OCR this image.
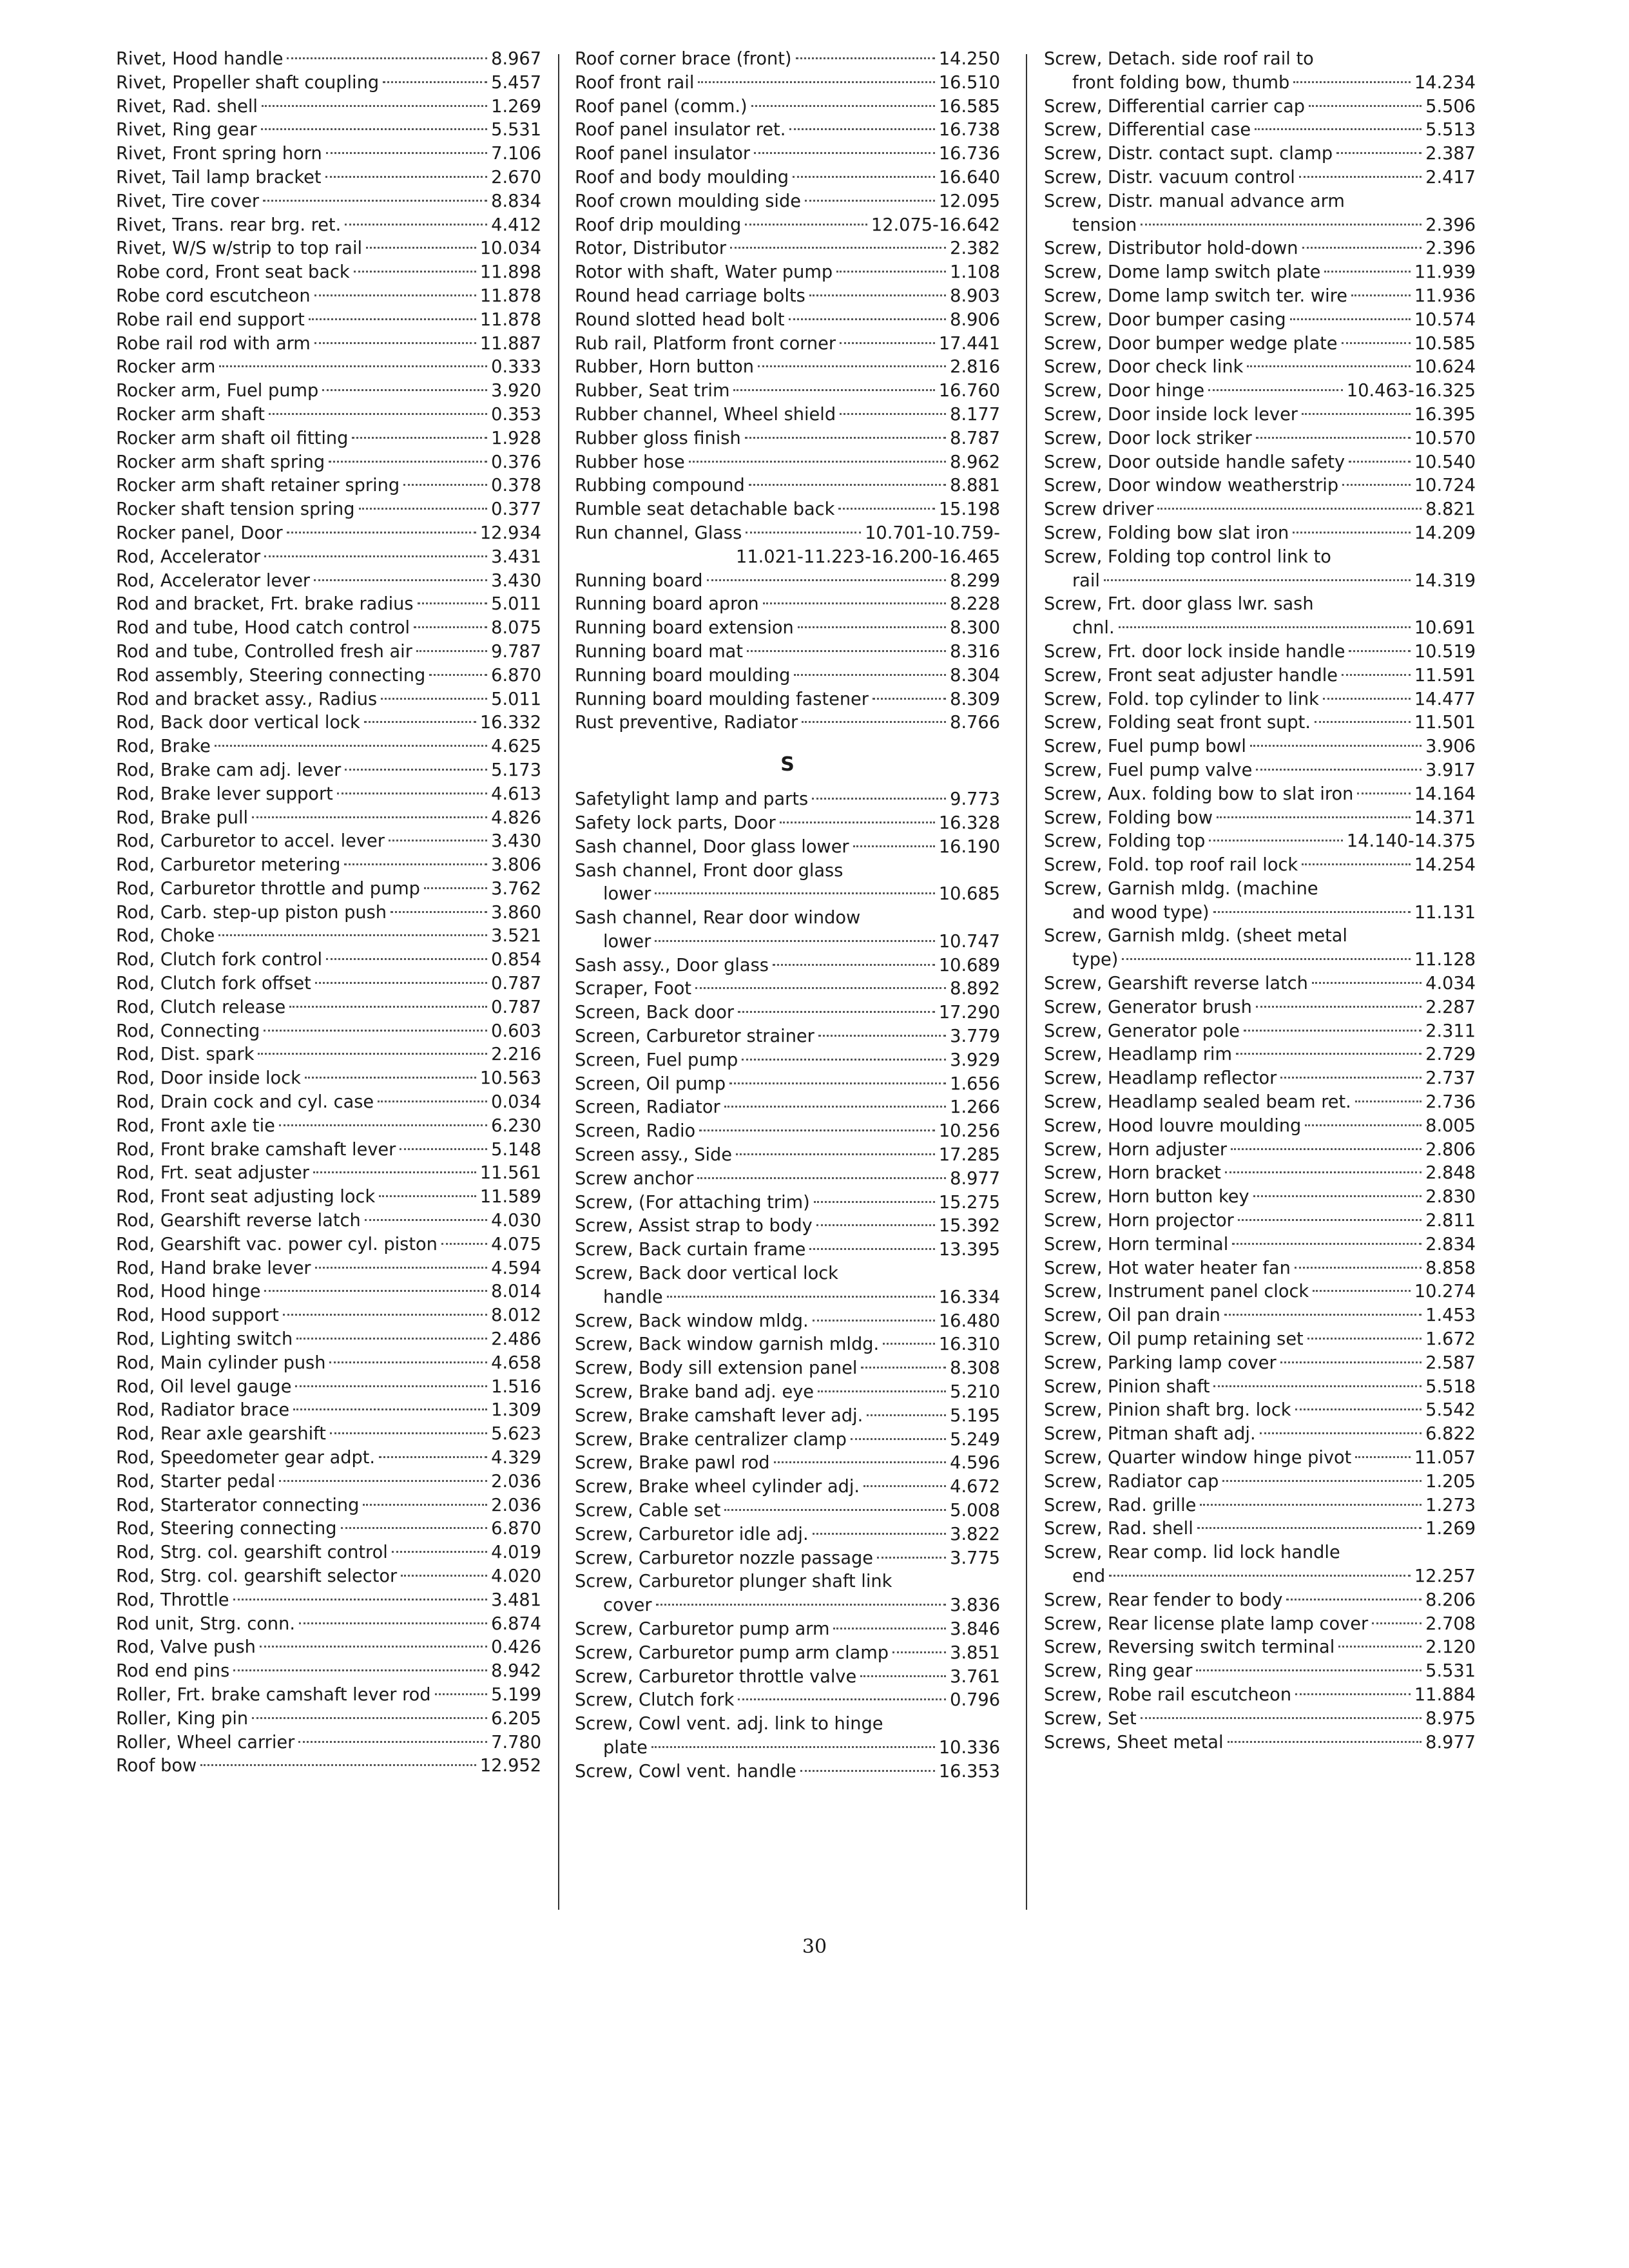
Rivet, Hood handle	8.967
Rivet, Propeller shaft coupling	5.457
Rivet, Rad. shell	1.269
Rivet, Ring gear	5.531
Rivet, Front spring horn	7.106
Rivet, Tail lamp bracket	2.670
Rivet, Tire cover	8.834
Rivet, Trans. rear brg. ret.	4.412
Rivet, W/S w/strip to top rail	10.034
Robe cord, Front seat back	11.898
Robe cord escutcheon	11.878
Robe rail end support	11.878
Robe rail rod with arm	11.887
Rocker arm	0.333
Rocker arm, Fuel pump	3.920
Rocker arm shaft	0.353
Rocker arm shaft oil fitting	1.928
Rocker arm shaft spring	0.376
Rocker arm shaft retainer spring	0.378
Rocker shaft tension spring	0.377
Rocker panel, Door	12.934
Rod, Accelerator	3.431
Rod, Accelerator lever	3.430
Rod and bracket, Frt. brake radius	5.011
Rod and tube, Hood catch control	8.075
Rod and tube, Controlled fresh air	9.787
Rod assembly, Steering connecting	6.870
Rod and bracket assy., Radius	5.011
Rod, Back door vertical lock	16.332
Rod, Brake	4.625
Rod, Brake cam adj. lever	5.173
Rod, Brake lever support	4.613
Rod, Brake pull	4.826
Rod, Carburetor to accel. lever	3.430
Rod, Carburetor metering	3.806
Rod, Carburetor throttle and pump	3.762
Rod, Carb. step-up piston push	3.860
Rod, Choke	3.521
Rod, Clutch fork control	0.854
Rod, Clutch fork offset	0.787
Rod, Clutch release	0.787
Rod, Connecting	0.603
Rod, Dist. spark	2.216
Rod, Door inside lock	10.563
Rod, Drain cock and cyl. case	0.034
Rod, Front axle tie	6.230
Rod, Front brake camshaft lever	5.148
Rod, Frt. seat adjuster	11.561
Rod, Front seat adjusting lock	11.589
Rod, Gearshift reverse latch	4.030
Rod, Gearshift vac. power cyl. piston	4.075
Rod, Hand brake lever	4.594
Rod, Hood hinge	8.014
Rod, Hood support	8.012
Rod, Lighting switch	2.486
Rod, Main cylinder push	4.658
Rod, Oil level gauge	1.516
Rod, Radiator brace	1.309
Rod, Rear axle gearshift	5.623
Rod, Speedometer gear adpt.	4.329
Rod, Starter pedal	2.036
Rod, Starterator connecting	2.036
Rod, Steering connecting	6.870
Rod, Strg. col. gearshift control	4.019
Rod, Strg. col. gearshift selector	4.020
Rod, Throttle	3.481
Rod unit, Strg. conn.	6.874
Rod, Valve push	0.426
Rod end pins	8.942
Roller, Frt. brake camshaft lever rod	5.199
Roller, King pin	6.205
Roller, Wheel carrier	7.780
Roof bow	12.952
Roof corner brace (front)	14.250
Roof front rail	16.510
Roof panel (comm.)	16.585
Roof panel insulator ret.	16.738
Roof panel insulator	16.736
Roof and body moulding	16.640
Roof crown moulding side	12.095
Roof drip moulding	12.075-16.642
Rotor, Distributor	2.382
Rotor with shaft, Water pump	1.108
Round head carriage bolts	8.903
Round slotted head bolt	8.906
Rub rail, Platform front corner	17.441
Rubber, Horn button	2.816
Rubber, Seat trim	16.760
Rubber channel, Wheel shield	8.177
Rubber gloss finish	8.787
Rubber hose	8.962
Rubbing compound	8.881
Rumble seat detachable back	15.198
Run channel, Glass	10.701-10.759-
11.021-11.223-16.200-16.465
Running board	8.299
Running board apron	8.228
Running board extension	8.300
Running board mat	8.316
Running board moulding	8.304
Running board moulding fastener	8.309
Rust preventive, Radiator	8.766
S
Safetylight lamp and parts	9.773
Safety lock parts, Door	16.328
Sash channel, Door glass lower	16.190
Sash channel, Front door glass
lower	10.685
Sash channel, Rear door window
lower	10.747
Sash assy., Door glass	10.689
Scraper, Foot	8.892
Screen, Back door	17.290
Screen, Carburetor strainer	3.779
Screen, Fuel pump	3.929
Screen, Oil pump	1.656
Screen, Radiator	1.266
Screen, Radio	10.256
Screen assy., Side	17.285
Screw anchor	8.977
Screw, (For attaching trim)	15.275
Screw, Assist strap to body	15.392
Screw, Back curtain frame	13.395
Screw, Back door vertical lock
handle	16.334
Screw, Back window mldg.	16.480
Screw, Back window garnish mldg.	16.310
Screw, Body sill extension panel	8.308
Screw, Brake band adj. eye	5.210
Screw, Brake camshaft lever adj.	5.195
Screw, Brake centralizer clamp	5.249
Screw, Brake pawl rod	4.596
Screw, Brake wheel cylinder adj.	4.672
Screw, Cable set	5.008
Screw, Carburetor idle adj.	3.822
Screw, Carburetor nozzle passage	3.775
Screw, Carburetor plunger shaft link
cover	3.836
Screw, Carburetor pump arm	3.846
Screw, Carburetor pump arm clamp	3.851
Screw, Carburetor throttle valve	3.761
Screw, Clutch fork	0.796
Screw, Cowl vent. adj. link to hinge
plate	10.336
Screw, Cowl vent. handle	16.353
Screw, Detach. side roof rail to
front folding bow, thumb	14.234
Screw, Differential carrier cap	5.506
Screw, Differential case	5.513
Screw, Distr. contact supt. clamp	2.387
Screw, Distr. vacuum control	2.417
Screw, Distr. manual advance arm
tension	2.396
Screw, Distributor hold-down	2.396
Screw, Dome lamp switch plate	11.939
Screw, Dome lamp switch ter. wire	11.936
Screw, Door bumper casing	10.574
Screw, Door bumper wedge plate	10.585
Screw, Door check link	10.624
Screw, Door hinge	10.463-16.325
Screw, Door inside lock lever	16.395
Screw, Door lock striker	10.570
Screw, Door outside handle safety	10.540
Screw, Door window weatherstrip	10.724
Screw driver	8.821
Screw, Folding bow slat iron	14.209
Screw, Folding top control link to
rail	14.319
Screw, Frt. door glass lwr. sash
chnl.	10.691
Screw, Frt. door lock inside handle	10.519
Screw, Front seat adjuster handle	11.591
Screw, Fold. top cylinder to link	14.477
Screw, Folding seat front supt.	11.501
Screw, Fuel pump bowl	3.906
Screw, Fuel pump valve	3.917
Screw, Aux. folding bow to slat iron	14.164
Screw, Folding bow	14.371
Screw, Folding top	14.140-14.375
Screw, Fold. top roof rail lock	14.254
Screw, Garnish mldg. (machine
and wood type)	11.131
Screw, Garnish mldg. (sheet metal
type)	11.128
Screw, Gearshift reverse latch	4.034
Screw, Generator brush	2.287
Screw, Generator pole	2.311
Screw, Headlamp rim	2.729
Screw, Headlamp reflector	2.737
Screw, Headlamp sealed beam ret.	2.736
Screw, Hood louvre moulding	8.005
Screw, Horn adjuster	2.806
Screw, Horn bracket	2.848
Screw, Horn button key	2.830
Screw, Horn projector	2.811
Screw, Horn terminal	2.834
Screw, Hot water heater fan	8.858
Screw, Instrument panel clock	10.274
Screw, Oil pan drain	1.453
Screw, Oil pump retaining set	1.672
Screw, Parking lamp cover	2.587
Screw, Pinion shaft	5.518
Screw, Pinion shaft brg. lock	5.542
Screw, Pitman shaft adj.	6.822
Screw, Quarter window hinge pivot	11.057
Screw, Radiator cap	1.205
Screw, Rad. grille	1.273
Screw, Rad. shell	1.269
Screw, Rear comp. lid lock handle
end	12.257
Screw, Rear fender to body	8.206
Screw, Rear license plate lamp cover	2.708
Screw, Reversing switch terminal	2.120
Screw, Ring gear	5.531
Screw, Robe rail escutcheon	11.884
Screw, Set	8.975
Screws, Sheet metal	8.977
30
